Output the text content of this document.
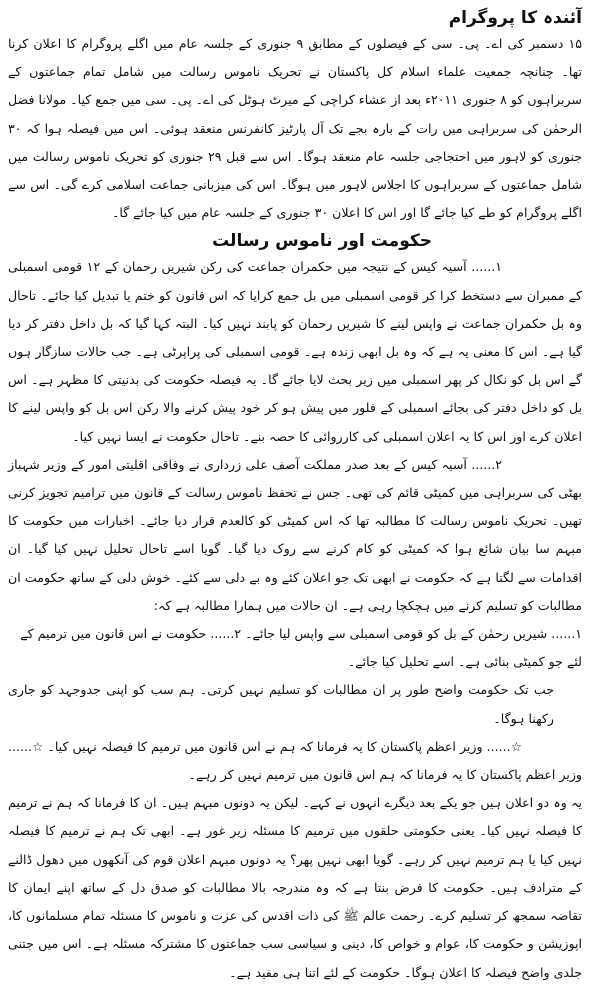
آئندہ کا پروگرام

۱۵ دسمبر کی اے۔ پی۔ سی کے فیصلوں کے مطابق ۹ جنوری کے جلسہ عام میں اگلے پروگرام کا اعلان کرنا تھا۔ چنانچہ جمعیت علماء اسلام کل پاکستان نے تحریک ناموس رسالت میں شامل تمام جماعتوں کے سربراہوں کو ۸ جنوری ۲۰۱۱ء بعد از عشاء کراچی کے میرٹ ہوٹل کی اے۔ پی۔ سی میں جمع کیا۔ مولانا فضل الرحمٰن کی سربراہی میں رات کے بارہ بجے تک آل پارٹیز کانفرنس منعقد ہوئی۔ اس میں فیصلہ ہوا کہ ۳۰ جنوری کو لاہور میں احتجاجی جلسہ عام منعقد ہوگا۔ اس سے قبل ۲۹ جنوری کو تحریک ناموس رسالت میں شامل جماعتوں کے سربراہوں کا اجلاس لاہور میں ہوگا۔ اس کی میزبانی جماعت اسلامی کرے گی۔ اس سے اگلے پروگرام کو طے کیا جائے گا اور اس کا اعلان ۳۰ جنوری کے جلسہ عام میں کیا جائے گا۔

حکومت اور ناموس رسالت

۱...... آسیہ کیس کے نتیجہ میں حکمران جماعت کی رکن شیریں رحمان کے ۱۲ قومی اسمبلی کے ممبران سے دستخط کرا کر قومی اسمبلی میں بل جمع کرایا کہ اس قانون کو ختم یا تبدیل کیا جائے۔ تاحال وہ بل حکمران جماعت نے واپس لینے کا شیریں رحمان کو پابند نہیں کیا۔ البتہ کہا گیا کہ بل داخل دفتر کر دیا گیا ہے۔ اس کا معنی یہ ہے کہ وہ بل ابھی زندہ ہے۔ قومی اسمبلی کی پراپرٹی ہے۔ جب حالات سازگار ہوں گے اس بل کو نکال کر پھر اسمبلی میں زیر بحث لایا جائے گا۔ یہ فیصلہ حکومت کی بدنیتی کا مظہر ہے۔ اس بل کو داخل دفتر کی بجائے اسمبلی کے فلور میں پیش ہو کر خود پیش کرنے والا رکن اس بل کو واپس لینے کا اعلان کرے اور اس کا یہ اعلان اسمبلی کی کارروائی کا حصہ بنے۔ تاحال حکومت نے ایسا نہیں کیا۔

۲...... آسیہ کیس کے بعد صدر مملکت آصف علی زرداری نے وفاقی اقلیتی امور کے وزیر شہباز بھٹی کی سربراہی میں کمیٹی قائم کی تھی۔ جس نے تحفظ ناموس رسالت کے قانون میں ترامیم تجویز کرنی تھیں۔ تحریک ناموس رسالت کا مطالبہ تھا کہ اس کمیٹی کو کالعدم قرار دیا جائے۔ اخبارات میں حکومت کا مبہم سا بیان شائع ہوا کہ کمیٹی کو کام کرنے سے روک دیا گیا۔ گویا اسے تاحال تحلیل نہیں کیا گیا۔ ان اقدامات سے لگتا ہے کہ حکومت نے ابھی تک جو اعلان کئے وہ بے دلی سے کئے۔ خوش دلی کے ساتھ حکومت ان مطالبات کو تسلیم کرنے میں ہچکچا رہی ہے۔ ان حالات میں ہمارا مطالبہ ہے کہ:

۱...... شیریں رحمٰن کے بل کو قومی اسمبلی سے واپس لیا جائے۔ ۲...... حکومت نے اس قانون میں ترمیم کے

لئے جو کمیٹی بنائی ہے۔ اسے تحلیل کیا جائے۔

جب تک حکومت واضح طور پر ان مطالبات کو تسلیم نہیں کرتی۔ ہم سب کو اپنی جدوجہد کو جاری رکھنا ہوگا۔

☆...... وزیر اعظم پاکستان کا یہ فرمانا کہ ہم نے اس قانون میں ترمیم کا فیصلہ نہیں کیا۔ ☆...... وزیر اعظم پاکستان کا یہ فرمانا کہ ہم اس قانون میں ترمیم نہیں کر رہے۔

یہ وہ دو اعلان ہیں جو یکے بعد دیگرے انہوں نے کہے۔ لیکن یہ دونوں مبہم ہیں۔ ان کا فرمانا کہ ہم نے ترمیم کا فیصلہ نہیں کیا۔ یعنی حکومتی حلقوں میں ترمیم کا مسئلہ زیر غور ہے۔ ابھی تک ہم نے ترمیم کا فیصلہ نہیں کیا یا ہم ترمیم نہیں کر رہے۔ گویا ابھی نہیں پھر؟ یہ دونوں مبہم اعلان قوم کی آنکھوں میں دھول ڈالنے کے مترادف ہیں۔ حکومت کا فرض بنتا ہے کہ وہ مندرجہ بالا مطالبات کو صدق دل کے ساتھ اپنے ایمان کا تقاضہ سمجھ کر تسلیم کرے۔ رحمت عالم ﷺ کی ذات اقدس کی عزت و ناموس کا مسئلہ تمام مسلمانوں کا، اپوزیشن و حکومت کا، عوام و خواص کا، دینی و سیاسی سب جماعتوں کا مشترکہ مسئلہ ہے۔ اس میں جتنی جلدی واضح فیصلہ کا اعلان ہوگا۔ حکومت کے لئے اتنا ہی مفید ہے۔
